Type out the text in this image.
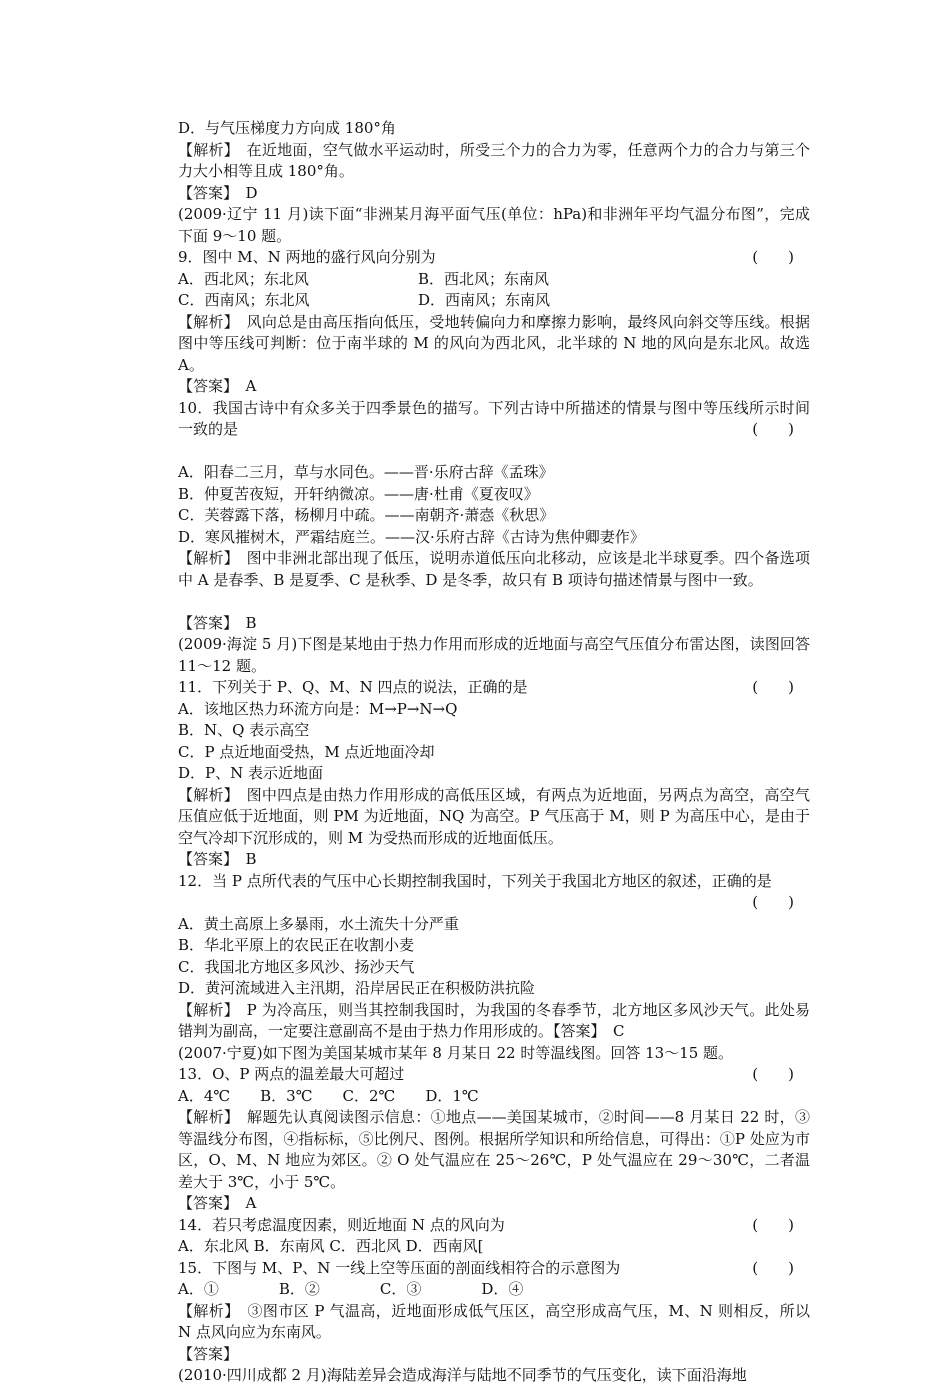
D．与气压梯度力方向成 180°角
【解析】　在近地面，空气做水平运动时，所受三个力的合力为零，任意两个力的合力与第三个力大小相等且成 180°角。
【答案】　D
(2009·辽宁 11 月)读下面“非洲某月海平面气压(单位：hPa)和非洲年平均气温分布图”，完成下面 9～10 题。
9．图中 M、N 两地的盛行风向分别为	(　　)
A．西北风；东北风	B．西北风；东南风
C．西南风；东北风	D．西南风；东南风
【解析】　风向总是由高压指向低压，受地转偏向力和摩擦力影响，最终风向斜交等压线。根据图中等压线可判断：位于南半球的 M 的风向为西北风，北半球的 N 地的风向是东北风。故选 A。
【答案】　A
10．我国古诗中有众多关于四季景色的描写。下列古诗中所描述的情景与图中等压线所示时间一致的是	(　　)
A．阳春二三月，草与水同色。——晋·乐府古辞《孟珠》
B．仲夏苦夜短，开轩纳微凉。——唐·杜甫《夏夜叹》
C．芙蓉露下落，杨柳月中疏。——南朝齐·萧悫《秋思》
D．寒风摧树木，严霜结庭兰。——汉·乐府古辞《古诗为焦仲卿妻作》
【解析】　图中非洲北部出现了低压，说明赤道低压向北移动，应该是北半球夏季。四个备选项中 A 是春季、B 是夏季、C 是秋季、D 是冬季，故只有 B 项诗句描述情景与图中一致。
【答案】　B
(2009·海淀 5 月)下图是某地由于热力作用而形成的近地面与高空气压值分布雷达图，读图回答 11～12 题。
11．下列关于 P、Q、M、N 四点的说法，正确的是	(　　)
A．该地区热力环流方向是：M→P→N→Q
B．N、Q 表示高空
C．P 点近地面受热，M 点近地面冷却
D．P、N 表示近地面
【解析】　图中四点是由热力作用形成的高低压区域，有两点为近地面，另两点为高空，高空气压值应低于近地面，则 PM 为近地面，NQ 为高空。P 气压高于 M，则 P 为高压中心，是由于空气冷却下沉形成的，则 M 为受热而形成的近地面低压。
【答案】　B
12．当 P 点所代表的气压中心长期控制我国时，下列关于我国北方地区的叙述，正确的是
(　　)
A．黄土高原上多暴雨，水土流失十分严重
B．华北平原上的农民正在收割小麦
C．我国北方地区多风沙、扬沙天气
D．黄河流域进入主汛期，沿岸居民正在积极防洪抗险
【解析】　P 为冷高压，则当其控制我国时，为我国的冬春季节，北方地区多风沙天气。此处易错判为副高，一定要注意副高不是由于热力作用形成的。【答案】　C
(2007·宁夏)如下图为美国某城市某年 8 月某日 22 时等温线图。回答 13～15 题。
13．O、P 两点的温差最大可超过	(　　)
A．4℃ B．3℃ C．2℃ D．1℃
【解析】　解题先认真阅读图示信息：①地点——美国某城市，②时间——8 月某日 22 时，③等温线分布图，④指标标，⑤比例尺、图例。根据所学知识和所给信息，可得出：①P 处应为市区，O、M、N 地应为郊区。② O 处气温应在 25～26℃，P 处气温应在 29～30℃，二者温差大于 3℃，小于 5℃。
【答案】　A
14．若只考虑温度因素，则近地面 N 点的风向为	(　　)
A．东北风 B．东南风 C．西北风 D．西南风[
15．下图与 M、P、N 一线上空等压面的剖面线相符合的示意图为	(　　)
A．①	B．②	C．③	D．④
【解析】　③图市区 P 气温高，近地面形成低气压区，高空形成高气压，M、N 则相反，所以 N 点风向应为东南风。
【答案】
(2010·四川成都 2 月)海陆差异会造成海洋与陆地不同季节的气压变化，读下面沿海地
